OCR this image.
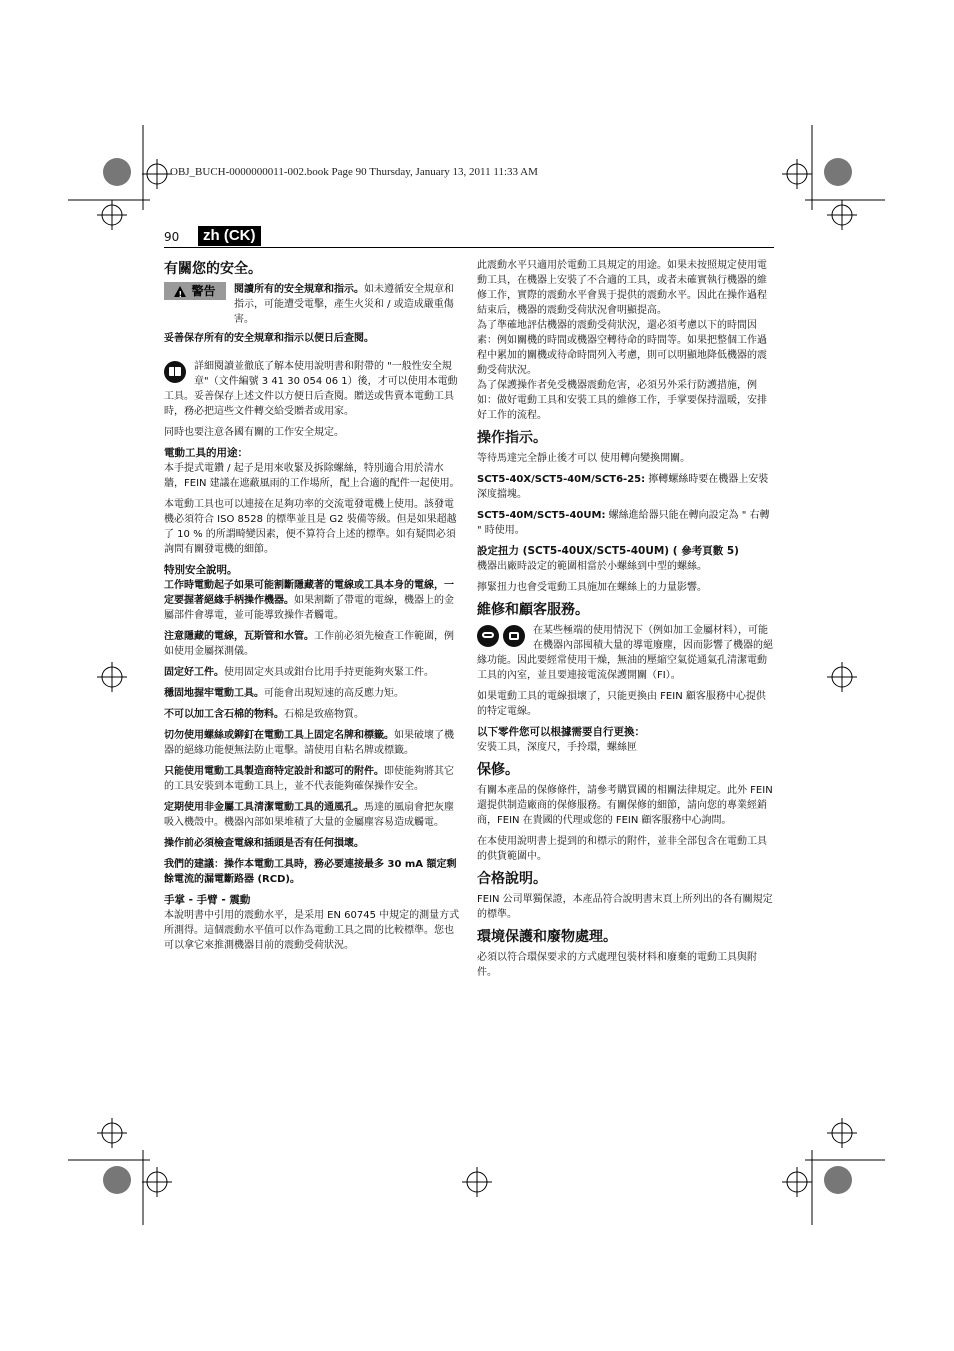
OBJ_BUCH-0000000011-002.book Page 90 Thursday, January 13, 2011 11:33 AM
90	zh (CK)
有關您的安全。
!
警告 閱讀所有的安全規章和指示。如未遵循安全規章和指示，可能遭受電擊，產生火災和 / 或造成嚴重傷害。

妥善保存所有的安全規章和指示以便日后查閱。

詳細閱讀並徹底了解本使用說明書和附帶的 "一般性安全規章"（文件編號 3 41 30 054 06 1）後，才可以使用本電動工具。妥善保存上述文件以方便日后查閱。贈送或售賣本電動工具時，務必把這些文件轉交給受贈者或用家。

同時也要注意各國有關的工作安全規定。

電動工具的用途：

本手提式電鑽 / 起子是用來收緊及拆除螺絲，特別適合用於清水牆，FEIN 建議在遮蔽風雨的工作場所，配上合適的配件一起使用。

本電動工具也可以連接在足夠功率的交流電發電機上使用。該發電機必須符合 ISO 8528 的標準並且是 G2 裝備等級。但是如果超越了 10 % 的所謂畸變因素，便不算符合上述的標準。如有疑問必須詢問有關發電機的細節。

特別安全說明。

工作時電動起子如果可能割斷隱藏著的電線或工具本身的電線，一定要握著絕緣手柄操作機器。如果割斷了帶電的電線，機器上的金屬部件會導電，並可能導致操作者觸電。

注意隱藏的電線，瓦斯管和水管。工作前必須先檢查工作範圍，例如使用金屬探測儀。

固定好工件。使用固定夾具或鉗台比用手持更能夠夾緊工件。

穩固地握牢電動工具。可能會出現短速的高反應力矩。

不可以加工含石棉的物料。石棉是致癌物質。

切勿使用螺絲或鉚釘在電動工具上固定名牌和標籤。如果破壞了機器的絕緣功能便無法防止電擊。請使用自粘名牌或標籤。

只能使用電動工具製造商特定設計和認可的附件。即使能夠將其它的工具安裝到本電動工具上，並不代表能夠確保操作安全。

定期使用非金屬工具清潔電動工具的通風孔。馬達的風扇會把灰塵吸入機殼中。機器內部如果堆積了大量的金屬塵容易造成觸電。

操作前必須檢查電線和插頭是否有任何損壞。

我們的建議：操作本電動工具時，務必要連接最多 30 mA 額定剩餘電流的漏電斷路器 (RCD)。

手掌 - 手臂 - 震動

本說明書中引用的震動水平，是采用 EN 60745 中規定的測量方式所測得。這個震動水平值可以作為電動工具之間的比較標準。您也可以拿它來推測機器目前的震動受荷狀況。

此震動水平只適用於電動工具規定的用途。如果未按照規定使用電動工具，在機器上安裝了不合適的工具，或者未確實執行機器的維修工作，實際的震動水平會異于提供的震動水平。因此在操作過程結束后，機器的震動受荷狀況會明顯提高。

為了準確地評估機器的震動受荷狀況，還必須考慮以下的時間因素：例如關機的時間或機器空轉待命的時間等。如果把整個工作過程中累加的關機或待命時間列入考慮，則可以明顯地降低機器的震動受荷狀況。

為了保護操作者免受機器震動危害，必須另外采行防護措施，例如：做好電動工具和安裝工具的維修工作，手掌要保持溫暖，安排好工作的流程。

操作指示。

等待馬達完全靜止後才可以 使用轉向變換開關。

SCT5-40X/SCT5-40M/SCT6-25: 擰轉螺絲時要在機器上安裝深度擋塊。

SCT5-40M/SCT5-40UM: 螺絲進給器只能在轉向設定為 " 右轉 " 時使用。

設定扭力 (SCT5-40UX/SCT5-40UM) ( 參考頁數 5)

機器出廠時設定的範圍相當於小螺絲到中型的螺絲。

擰緊扭力也會受電動工具施加在螺絲上的力量影響。

維修和顧客服務。

在某些極端的使用情況下（例如加工金屬材料），可能在機器內部囤積大量的導電廢塵，因而影響了機器的絕緣功能。因此要經常使用干燥，無油的壓縮空氣從通氣孔清潔電動工具的內室，並且要連接電流保護開關（FI）。

如果電動工具的電線損壞了，只能更換由 FEIN 顧客服務中心提供的特定電線。

以下零件您可以根據需要自行更換：

安裝工具，深度尺，手拎環，螺絲匣

保修。

有關本產品的保修條件，請參考購買國的相關法律規定。此外 FEIN 還提供制造廠商的保修服務。有關保修的細節，請向您的專業經銷商，FEIN 在貴國的代理或您的 FEIN 顧客服務中心詢問。

在本使用說明書上提到的和標示的附件，並非全部包含在電動工具的供貨範圍中。

合格說明。

FEIN 公司單獨保證，本產品符合說明書末頁上所列出的各有關規定的標準。

環境保護和廢物處理。

必須以符合環保要求的方式處理包裝材料和廢棄的電動工具與附件。
